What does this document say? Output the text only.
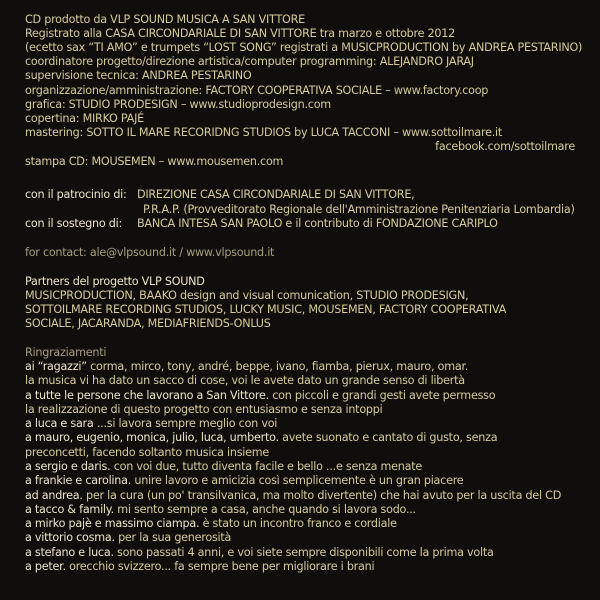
CD prodotto da VLP SOUND MUSICA A SAN VITTORE
Registrato alla CASA CIRCONDARIALE DI SAN VITTORE tra marzo e ottobre 2012
(ecetto sax “TI AMO” e trumpets “LOST SONG” registrati a MUSICPRODUCTION by ANDREA PESTARINO)
coordinatore progetto/direzione artistica/computer programming: ALEJANDRO JARAJ
supervisione tecnica: ANDREA PESTARINO
organizzazione/amministrazione: FACTORY COOPERATIVA SOCIALE – www.factory.coop
grafica: STUDIO PRODESIGN – www.studioprodesign.com
copertina: MIRKO PAJÉ
mastering: SOTTO IL MARE RECORIDNG STUDIOS by LUCA TACCONI – www.sottoilmare.it
facebook.com/sottoilmare
stampa CD: MOUSEMEN – www.mousemen.com
con il patrocinio di: DIREZIONE CASA CIRCONDARIALE DI SAN VITTORE,
P.R.A.P. (Provveditorato Regionale dell'Amministrazione Penitenziaria Lombardia)
con il sostegno di: BANCA INTESA SAN PAOLO e il contributo di FONDAZIONE CARIPLO
for contact: ale@vlpsound.it / www.vlpsound.it
Partners del progetto VLP SOUND
MUSICPRODUCTION, BAAKO design and visual comunication, STUDIO PRODESIGN,
SOTTOILMARE RECORDING STUDIOS, LUCKY MUSIC, MOUSEMEN, FACTORY COOPERATIVA
SOCIALE, JACARANDA, MEDIAFRIENDS-ONLUS
Ringraziamenti
ai “ragazzi” corma, mirco, tony, andré, beppe, ivano, fiamba, pierux, mauro, omar.
la musica vi ha dato un sacco di cose, voi le avete dato un grande senso di libertà
a tutte le persone che lavorano a San Vittore. con piccoli e grandi gesti avete permesso
la realizzazione di questo progetto con entusiasmo e senza intoppi
a luca e sara ...si lavora sempre meglio con voi
a mauro, eugenio, monica, julio, luca, umberto. avete suonato e cantato di gusto, senza
preconcetti, facendo soltanto musica insieme
a sergio e daris. con voi due, tutto diventa facile e bello ...e senza menate
a frankie e carolina. unire lavoro e amicizia così semplicemente è un gran piacere
ad andrea. per la cura (un po' transilvanica, ma molto divertente) che hai avuto per la uscita del CD
a tacco & family. mi sento sempre a casa, anche quando si lavora sodo...
a mirko pajè e massimo ciampa. è stato un incontro franco e cordiale
a vittorio cosma. per la sua generosità
a stefano e luca. sono passati 4 anni, e voi siete sempre disponibili come la prima volta
a peter. orecchio svizzero... fa sempre bene per migliorare i brani
